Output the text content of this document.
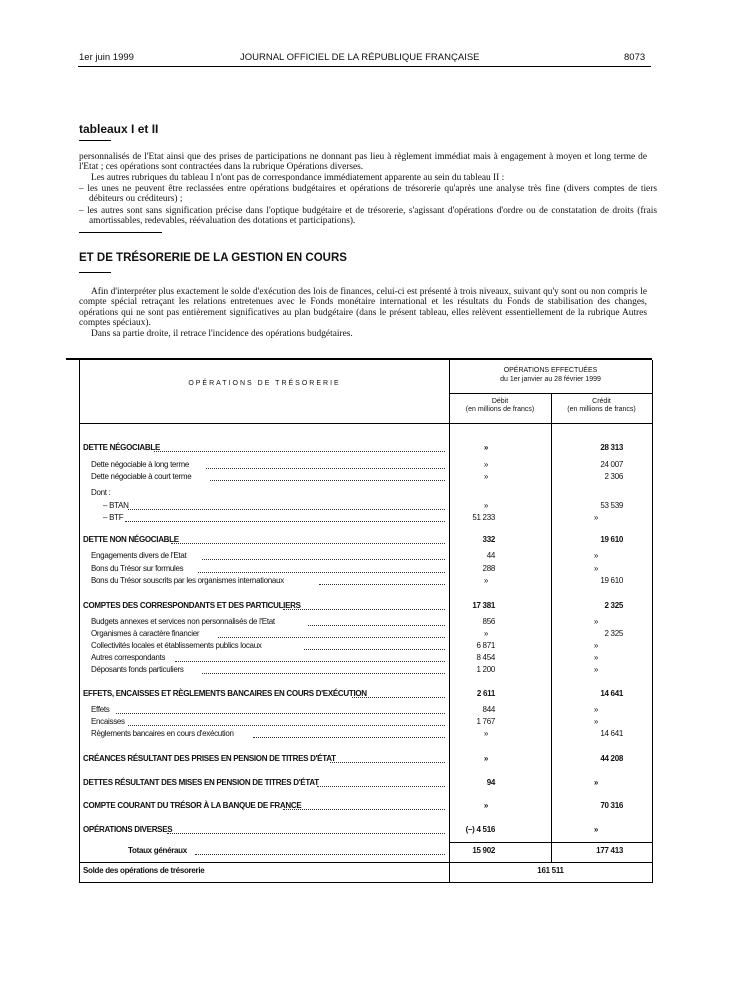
1er juin 1999	JOURNAL OFFICIEL DE LA RÉPUBLIQUE FRANÇAISE	8073
tableaux I et II

personnalisés de l'Etat ainsi que des prises de participations ne donnant pas lieu à règlement immédiat mais à engagement à moyen et long terme de l'Etat ; ces opérations sont contractées dans la rubrique Opérations diverses.

Les autres rubriques du tableau I n'ont pas de correspondance immédiatement apparente au sein du tableau II :

– les unes ne peuvent être reclassées entre opérations budgétaires et opérations de trésorerie qu'après une analyse très fine (divers comptes de tiers débiteurs ou créditeurs) ;

– les autres sont sans signification précise dans l'optique budgétaire et de trésorerie, s'agissant d'opérations d'ordre ou de constatation de droits (frais amortissables, redevables, réévaluation des dotations et participations).

ET DE TRÉSORERIE DE LA GESTION EN COURS

Afin d'interpréter plus exactement le solde d'exécution des lois de finances, celui-ci est présenté à trois niveaux, suivant qu'y sont ou non compris le compte spécial retraçant les relations entretenues avec le Fonds monétaire international et les résultats du Fonds de stabilisation des changes, opérations qui ne sont pas entièrement significatives au plan budgétaire (dans le présent tableau, elles relèvent essentiellement de la rubrique Autres comptes spéciaux).

Dans sa partie droite, il retrace l'incidence des opérations budgétaires.

OPÉRATIONS DE TRÉSORERIE
OPÉRATIONS EFFECTUÉES
du 1er janvier au 28 février 1999
Débit
(en millions de francs)
Crédit
(en millions de francs)
DETTE NÉGOCIABLE	»	28 313
Dette négociable à long terme	»	24 007
Dette négociable à court terme	»	2 306
Dont :
– BTAN	»	53 539
– BTF	51 233	»
DETTE NON NÉGOCIABLE	332	19 610
Engagements divers de l'Etat	44	»
Bons du Trésor sur formules	288	»
Bons du Trésor souscrits par les organismes internationaux	»	19 610
COMPTES DES CORRESPONDANTS ET DES PARTICULIERS	17 381	2 325
Budgets annexes et services non personnalisés de l'Etat	856	»
Organismes à caractère financier	»	2 325
Collectivités locales et établissements publics locaux	6 871	»
Autres correspondants	8 454	»
Déposants fonds particuliers	1 200	»
EFFETS, ENCAISSES ET RÈGLEMENTS BANCAIRES EN COURS D'EXÉCUTION	2 611	14 641
Effets	844	»
Encaisses	1 767	»
Règlements bancaires en cours d'exécution	»	14 641
CRÉANCES RÉSULTANT DES PRISES EN PENSION DE TITRES D'ÉTAT	»	44 208
DETTES RÉSULTANT DES MISES EN PENSION DE TITRES D'ÉTAT	94	»
COMPTE COURANT DU TRÉSOR À LA BANQUE DE FRANCE	»	70 316
OPÉRATIONS DIVERSES	(–) 4 516	»
Totaux généraux	15 902	177 413
Solde des opérations de trésorerie	161 511
